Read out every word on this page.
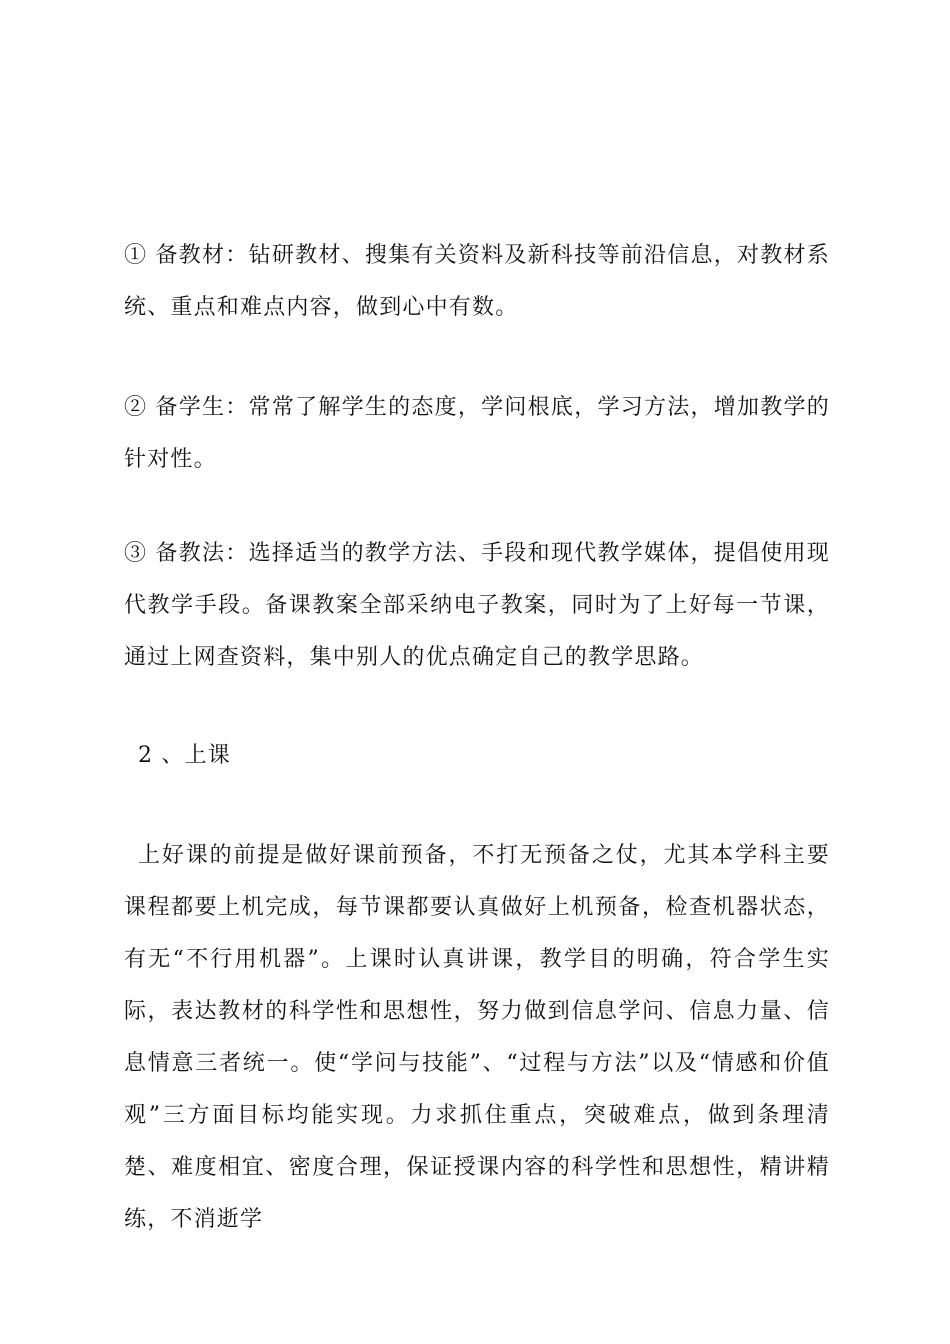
① 备教材：钻研教材、搜集有关资料及新科技等前沿信息，对教材系统、重点和难点内容，做到心中有数。

② 备学生：常常了解学生的态度，学问根底，学习方法，增加教学的针对性。

③ 备教法：选择适当的教学方法、手段和现代教学媒体，提倡使用现代教学手段。备课教案全部采纳电子教案，同时为了上好每一节课，通过上网查资料，集中别人的优点确定自己的教学思路。

2 、上课

上好课的前提是做好课前预备，不打无预备之仗，尤其本学科主要课程都要上机完成，每节课都要认真做好上机预备，检查机器状态，有无“不行用机器”。上课时认真讲课，教学目的明确，符合学生实际，表达教材的科学性和思想性，努力做到信息学问、信息力量、信息情意三者统一。使“学问与技能”、“过程与方法”以及“情感和价值观”三方面目标均能实现。力求抓住重点，突破难点，做到条理清楚、难度相宜、密度合理，保证授课内容的科学性和思想性，精讲精练，不消逝学
